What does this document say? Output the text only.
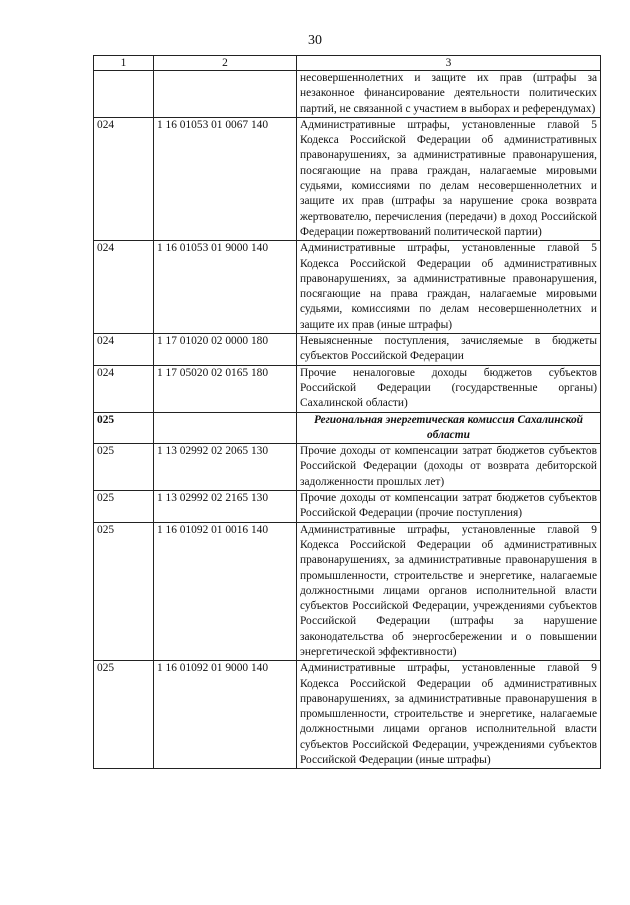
30
1	2	3
		несовершеннолетних и защите их прав (штрафы за незаконное финансирование деятельности политических партий, не связанной с участием в выборах и референдумах)
024	1 16 01053 01 0067 140	Административные штрафы, установленные главой 5 Кодекса Российской Федерации об административных правонарушениях, за административные правонарушения, посягающие на права граждан, налагаемые мировыми судьями, комиссиями по делам несовершеннолетних и защите их прав (штрафы за нарушение срока возврата жертвователю, перечисления (передачи) в доход Российской Федерации пожертвований политической партии)
024	1 16 01053 01 9000 140	Административные штрафы, установленные главой 5 Кодекса Российской Федерации об административных правонарушениях, за административные правонарушения, посягающие на права граждан, налагаемые мировыми судьями, комиссиями по делам несовершеннолетних и защите их прав (иные штрафы)
024	1 17 01020 02 0000 180	Невыясненные поступления, зачисляемые в бюджеты субъектов Российской Федерации
024	1 17 05020 02 0165 180	Прочие неналоговые доходы бюджетов субъектов Российской Федерации (государственные органы) Сахалинской области)
025		Региональная энергетическая комиссия Сахалинской области
025	1 13 02992 02 2065 130	Прочие доходы от компенсации затрат бюджетов субъектов Российской Федерации (доходы от возврата дебиторской задолженности прошлых лет)
025	1 13 02992 02 2165 130	Прочие доходы от компенсации затрат бюджетов субъектов Российской Федерации (прочие поступления)
025	1 16 01092 01 0016 140	Административные штрафы, установленные главой 9 Кодекса Российской Федерации об административных правонарушениях, за административные правонарушения в промышленности, строительстве и энергетике, налагаемые должностными лицами органов исполнительной власти субъектов Российской Федерации, учреждениями субъектов Российской Федерации (штрафы за нарушение законодательства об энергосбережении и о повышении энергетической эффективности)
025	1 16 01092 01 9000 140	Административные штрафы, установленные главой 9 Кодекса Российской Федерации об административных правонарушениях, за административные правонарушения в промышленности, строительстве и энергетике, налагаемые должностными лицами органов исполнительной власти субъектов Российской Федерации, учреждениями субъектов Российской Федерации (иные штрафы)
